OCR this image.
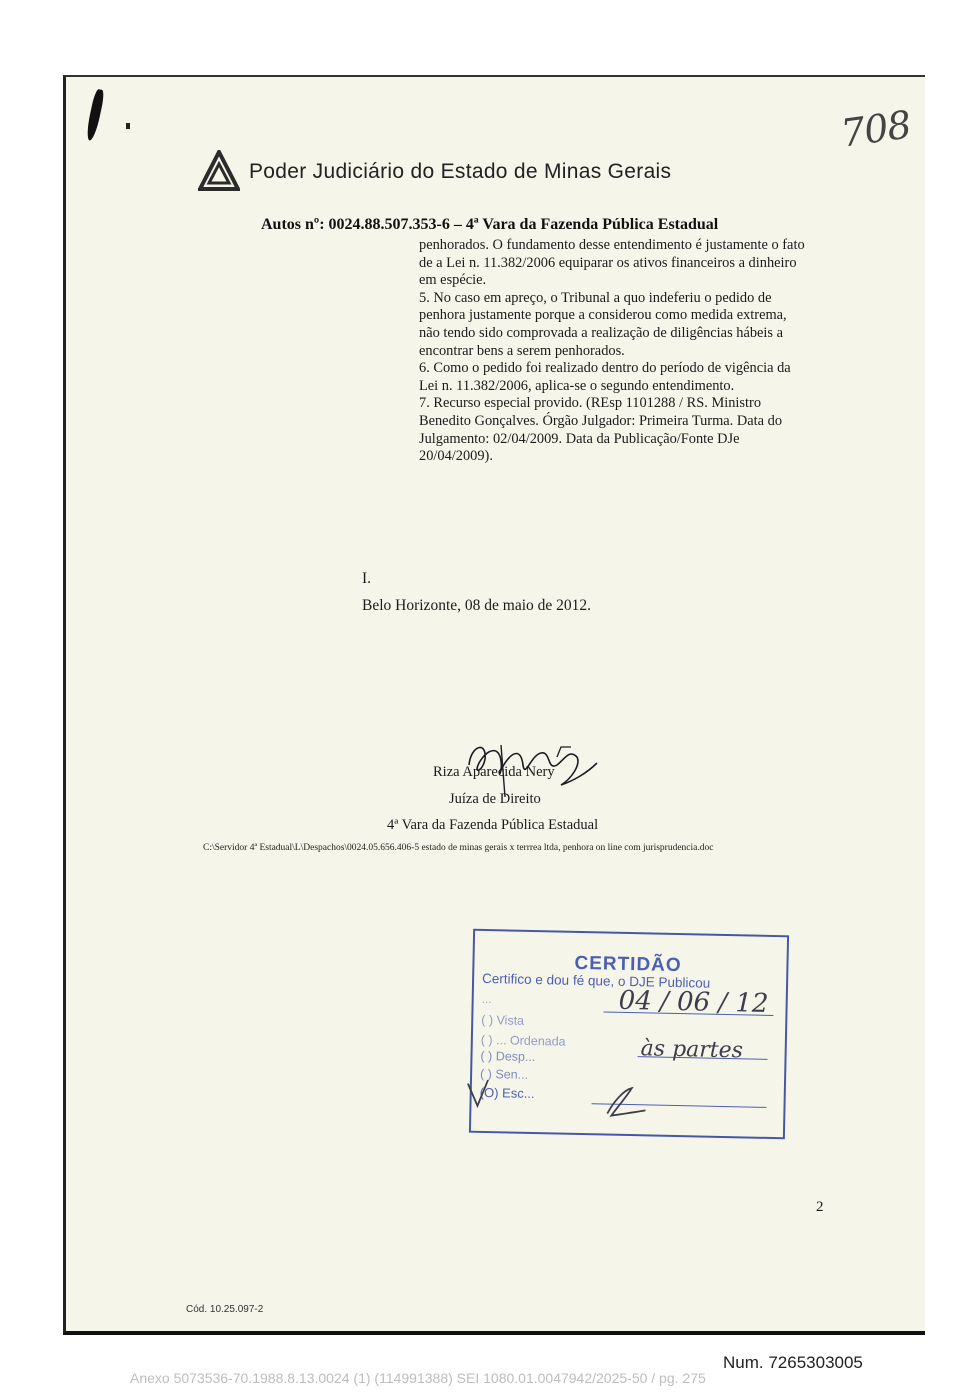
708
Poder Judiciário do Estado de Minas Gerais
Autos nº: 0024.88.507.353-6 – 4ª Vara da Fazenda Pública Estadual
penhorados. O fundamento desse entendimento é justamente o fato
de a Lei n. 11.382/2006 equiparar os ativos financeiros a dinheiro
em espécie.
5. No caso em apreço, o Tribunal a quo indeferiu o pedido de
penhora justamente porque a considerou como medida extrema,
não tendo sido comprovada a realização de diligências hábeis a
encontrar bens a serem penhorados.
6. Como o pedido foi realizado dentro do período de vigência da
Lei n. 11.382/2006, aplica-se o segundo entendimento.
7. Recurso especial provido. (REsp 1101288 / RS. Ministro
Benedito Gonçalves. Órgão Julgador: Primeira Turma. Data do
Julgamento: 02/04/2009. Data da Publicação/Fonte DJe
20/04/2009).
I.
Belo Horizonte, 08 de maio de 2012.
Riza Aparecida Nery
Juíza de Direito
4ª Vara da Fazenda Pública Estadual
C:\Servidor 4ª Estadual\L\Despachos\0024.05.656.406-5 estado de minas gerais x terrrea ltda, penhora on line com jurisprudencia.doc
CERTIDÃO
Certifico e dou fé que, o DJE Publicou
...	04 / 06 / 12
( ) Vista
( ) ... Ordenada	às partes
( ) Desp...
( ) Sen...
(O) Esc...
2
Cód. 10.25.097-2
Num. 7265303005
Anexo 5073536-70.1988.8.13.0024 (1) (114991388) SEI 1080.01.0047942/2025-50 / pg. 275
